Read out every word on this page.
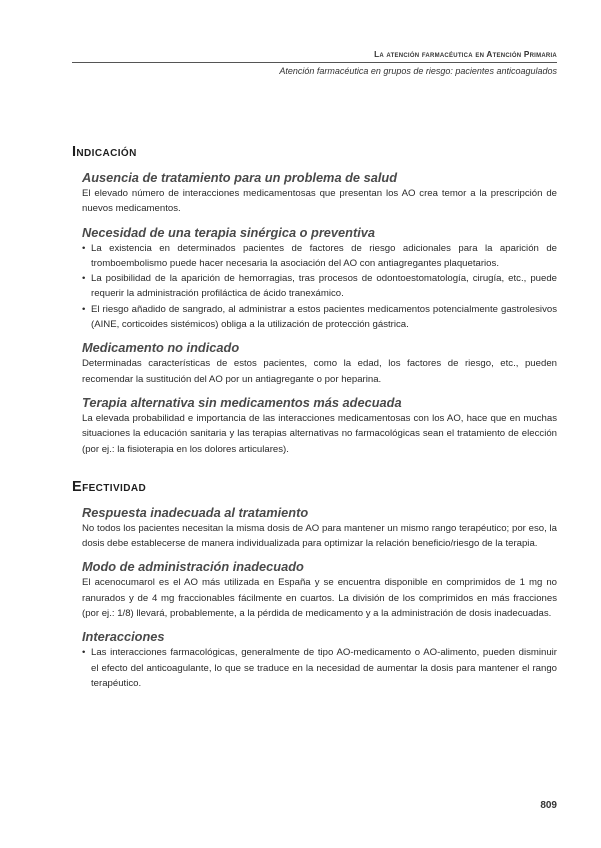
La atención farmacéutica en Atención Primaria
Atención farmacéutica en grupos de riesgo: pacientes anticoagulados
Indicación
Ausencia de tratamiento para un problema de salud

El elevado número de interacciones medicamentosas que presentan los AO crea temor a la prescripción de nuevos medicamentos.

Necesidad de una terapia sinérgica o preventiva
• La existencia en determinados pacientes de factores de riesgo adicionales para la aparición de tromboembolismo puede hacer necesaria la asociación del AO con antiagregantes plaquetarios.
• La posibilidad de la aparición de hemorragias, tras procesos de odontoestomatología, cirugía, etc., puede requerir la administración profiláctica de ácido tranexámico.
• El riesgo añadido de sangrado, al administrar a estos pacientes medicamentos potencialmente gastrolesivos (AINE, corticoides sistémicos) obliga a la utilización de protección gástrica.
Medicamento no indicado

Determinadas características de estos pacientes, como la edad, los factores de riesgo, etc., pueden recomendar la sustitución del AO por un antiagregante o por heparina.

Terapia alternativa sin medicamentos más adecuada

La elevada probabilidad e importancia de las interacciones medicamentosas con los AO, hace que en muchas situaciones la educación sanitaria y las terapias alternativas no farmacológicas sean el tratamiento de elección (por ej.: la fisioterapia en los dolores articulares).

Efectividad
Respuesta inadecuada al tratamiento

No todos los pacientes necesitan la misma dosis de AO para mantener un mismo rango terapéutico; por eso, la dosis debe establecerse de manera individualizada para optimizar la relación beneficio/riesgo de la terapia.

Modo de administración inadecuado

El acenocumarol es el AO más utilizada en España y se encuentra disponible en comprimidos de 1 mg no ranurados y de 4 mg fraccionables fácilmente en cuartos. La división de los comprimidos en más fracciones (por ej.: 1/8) llevará, probablemente, a la pérdida de medicamento y a la administración de dosis inadecuadas.

Interacciones
• Las interacciones farmacológicas, generalmente de tipo AO-medicamento o AO-alimento, pueden disminuir el efecto del anticoagulante, lo que se traduce en la necesidad de aumentar la dosis para mantener el rango terapéutico.
809
